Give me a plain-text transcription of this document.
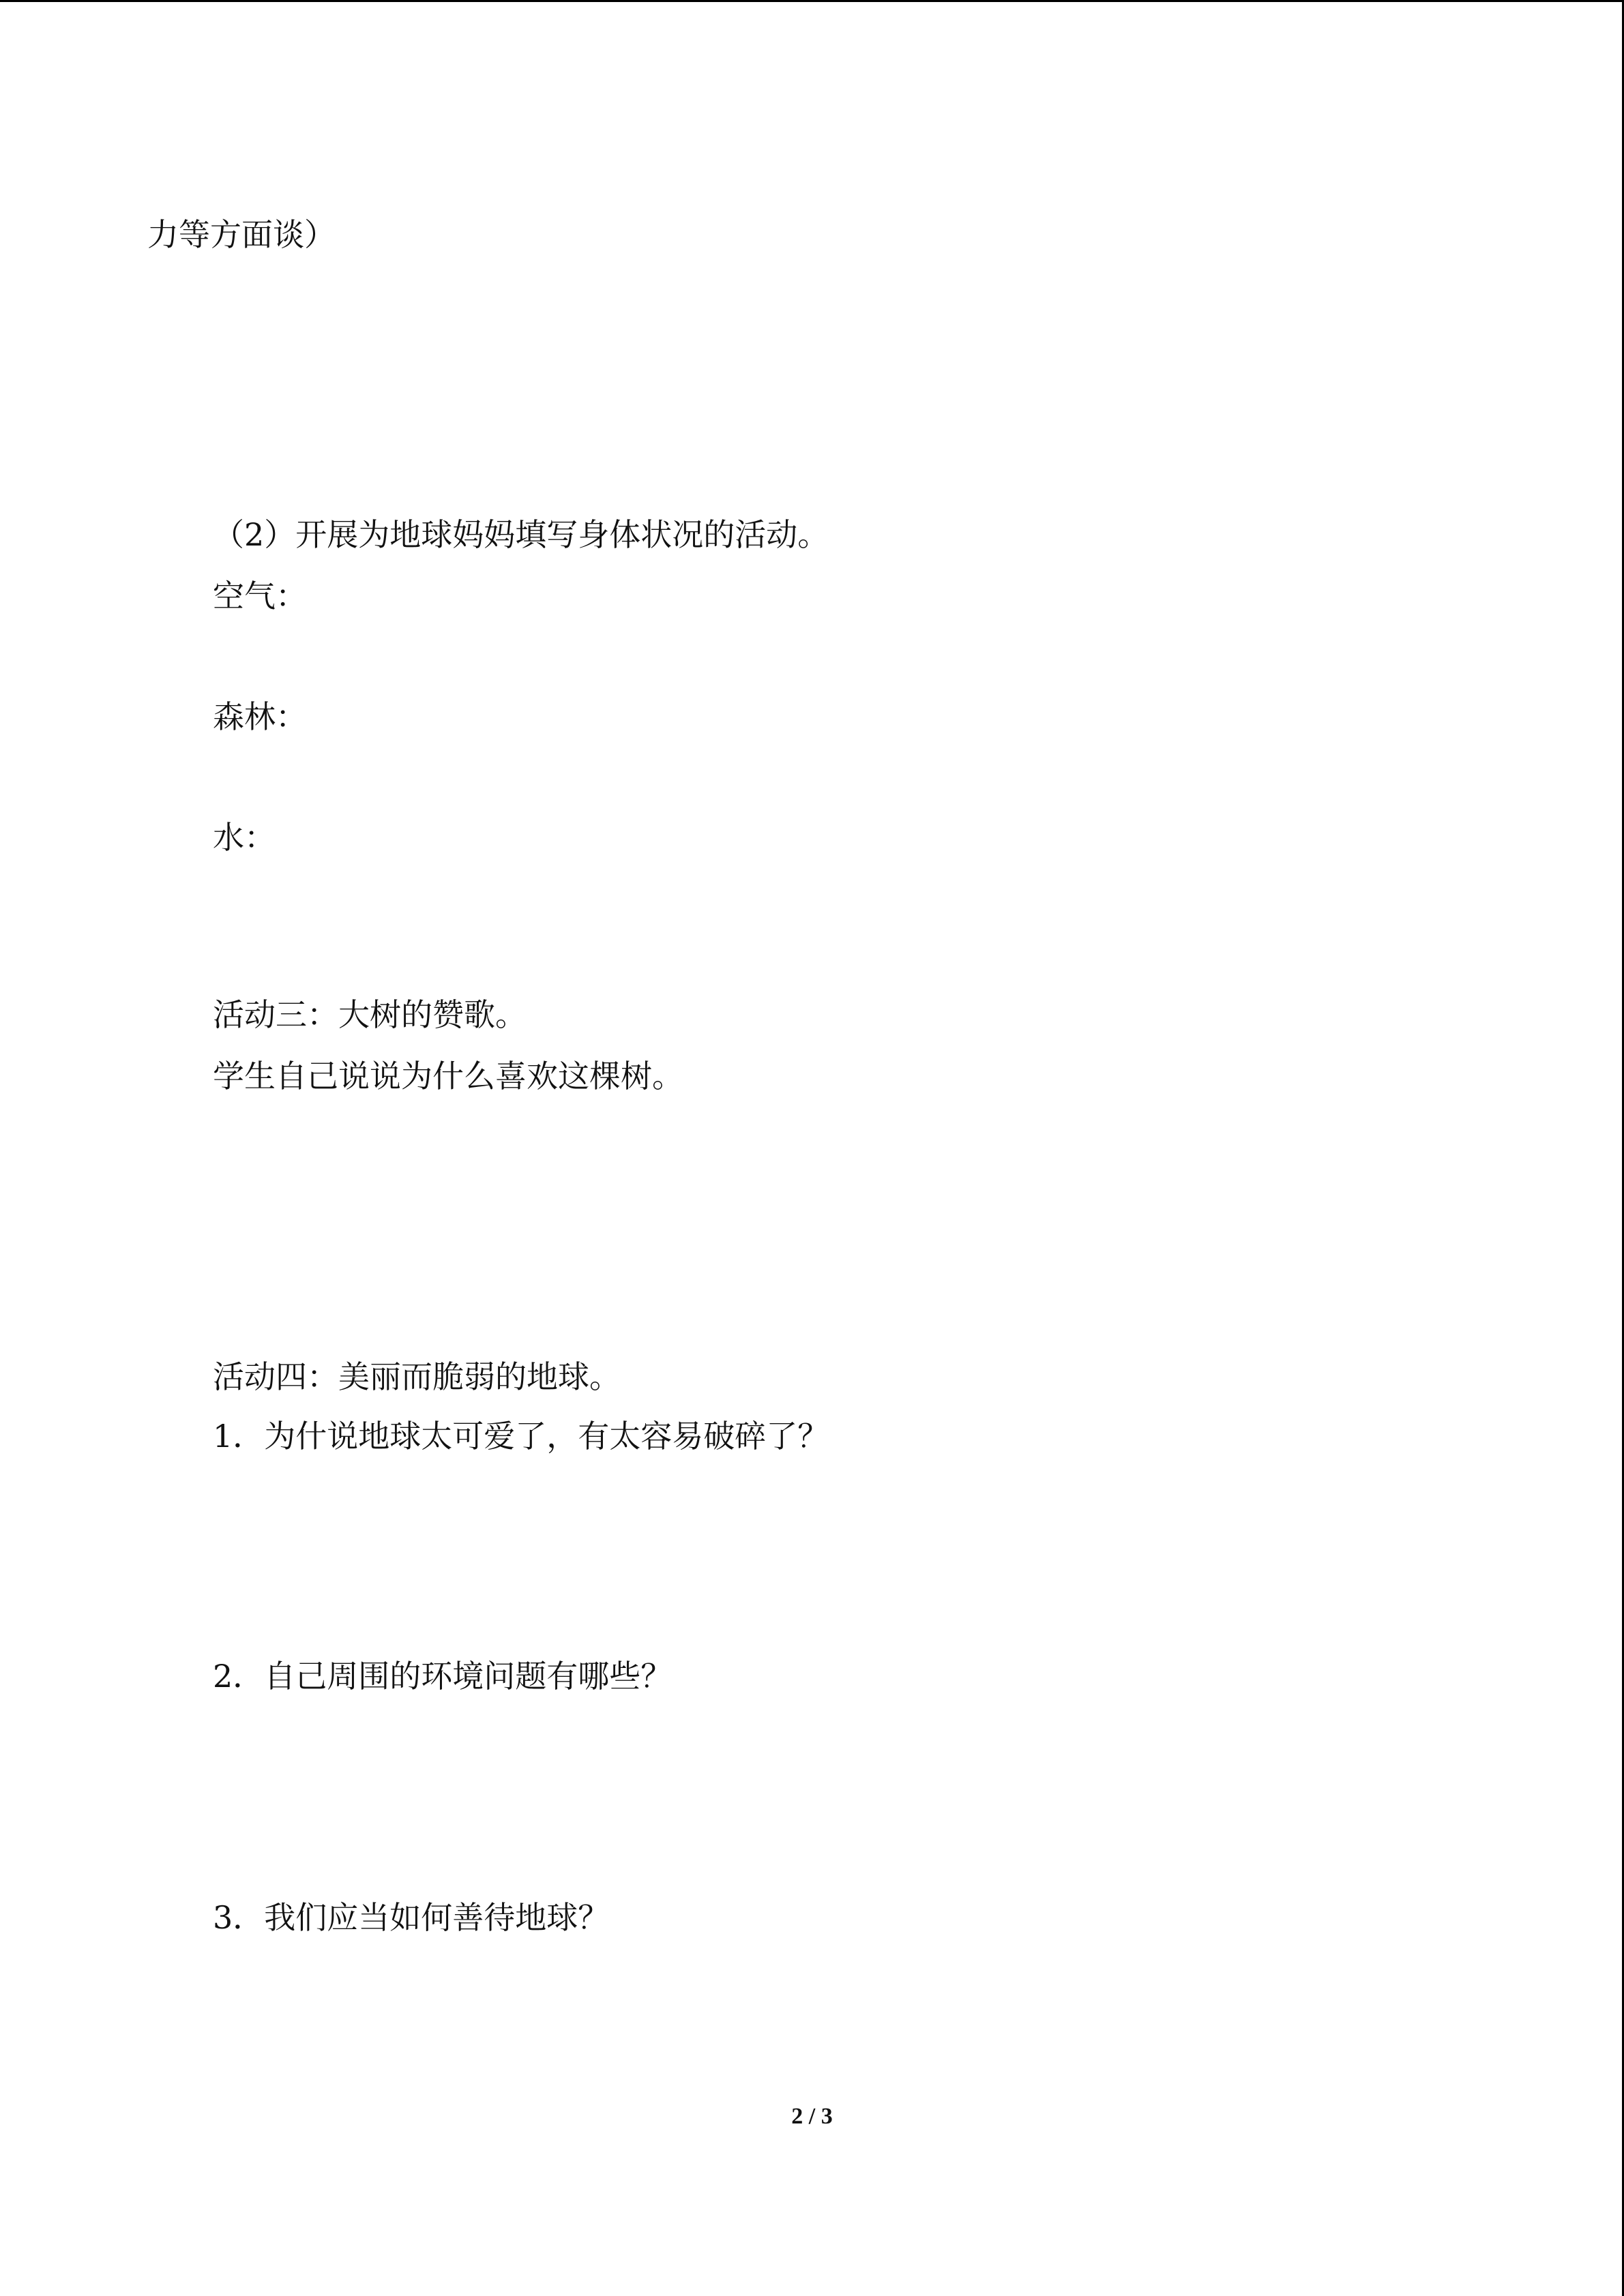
力等方面谈）
（2）开展为地球妈妈填写身体状况的活动。
空气：
森林：
水：
活动三：大树的赞歌。
学生自己说说为什么喜欢这棵树。
活动四：美丽而脆弱的地球。
1．为什说地球太可爱了，有太容易破碎了？
2．自己周围的环境问题有哪些？
3．我们应当如何善待地球？
2 / 3
